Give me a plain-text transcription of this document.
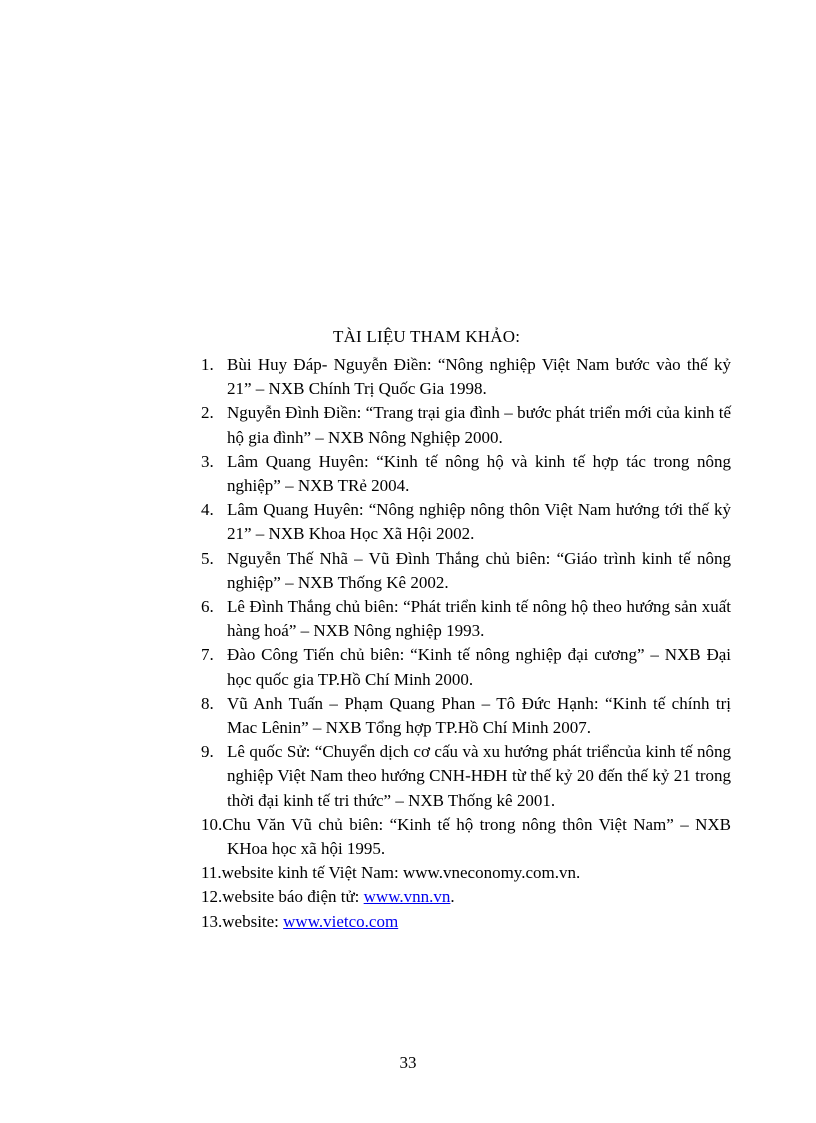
TÀI LIỆU THAM KHẢO:
1. Bùi Huy Đáp- Nguyễn Điền: “Nông nghiệp Việt Nam bước vào thế kỷ 21” – NXB Chính Trị Quốc Gia 1998.
2. Nguyễn Đình Điền: “Trang trại gia đình – bước phát triển mới của kinh tế hộ gia đình” – NXB Nông Nghiệp 2000.
3. Lâm Quang Huyên: “Kinh tế nông hộ và kinh tế hợp tác trong nông nghiệp” – NXB TRẻ 2004.
4. Lâm Quang Huyên: “Nông nghiệp nông thôn Việt Nam hướng tới thế kỷ 21” – NXB Khoa Học Xã Hội 2002.
5. Nguyễn Thế Nhã – Vũ Đình Thắng chủ biên: “Giáo trình kinh tế nông nghiệp” – NXB Thống Kê 2002.
6. Lê Đình Thắng chủ biên: “Phát triển kinh tế nông hộ theo hướng sản xuất hàng hoá” – NXB Nông nghiệp 1993.
7. Đào Công Tiến chủ biên: “Kinh tế nông nghiệp đại cương” – NXB Đại học quốc gia TP.Hồ Chí Minh 2000.
8. Vũ Anh Tuấn – Phạm Quang Phan – Tô Đức Hạnh: “Kinh tế chính trị Mac Lênin” – NXB Tổng hợp TP.Hồ Chí Minh 2007.
9. Lê quốc Sử: “Chuyển dịch cơ cấu và xu hướng phát triểncủa kinh tế nông nghiệp Việt Nam theo hướng CNH-HĐH từ thế kỷ 20 đến thế kỷ 21 trong thời đại kinh tế tri thức” – NXB Thống kê 2001.
10.Chu Văn Vũ chủ biên: “Kinh tế hộ trong nông thôn Việt Nam” – NXB KHoa học xã hội 1995.
11.website kinh tế Việt Nam: www.vneconomy.com.vn.
12.website báo điện tử: www.vnn.vn.
13.website: www.vietco.com
33
